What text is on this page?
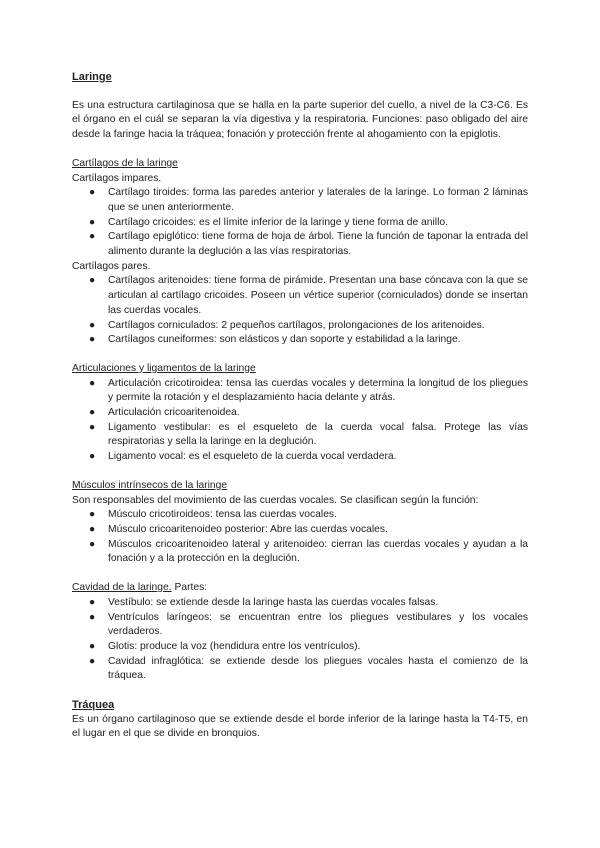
Laringe

Es una estructura cartilaginosa que se halla en la parte superior del cuello, a nivel de la C3-C6. Es el órgano en el cuál se separan la vía digestiva y la respiratoria. Funciones: paso obligado del aire desde la faringe hacia la tráquea; fonación y protección frente al ahogamiento con la epiglotis.

Cartílagos de la laringe

Cartílagos impares.

● Cartílago tiroides: forma las paredes anterior y laterales de la laringe. Lo forman 2 láminas que se unen anteriormente.
● Cartílago cricoides: es el límite inferior de la laringe y tiene forma de anillo.
● Cartílago epiglótico: tiene forma de hoja de árbol. Tiene la función de taponar la entrada del alimento durante la deglución a las vías respiratorias.

Cartílagos pares.

● Cartílagos aritenoides: tiene forma de pirámide. Presentan una base cóncava con la que se articulan al cartílago cricoides. Poseen un vértice superior (corniculados) donde se insertan las cuerdas vocales.
● Cartílagos corniculados: 2 pequeños cartílagos, prolongaciones de los aritenoides.
● Cartílagos cuneiformes: son elásticos y dan soporte y estabilidad a la laringe.

Articulaciones y ligamentos de la laringe

● Articulación cricotiroidea: tensa las cuerdas vocales y determina la longitud de los pliegues y permite la rotación y el desplazamiento hacia delante y atrás.
● Articulación cricoaritenoidea.
● Ligamento vestibular: es el esqueleto de la cuerda vocal falsa. Protege las vías respiratorias y sella la laringe en la deglución.
● Ligamento vocal: es el esqueleto de la cuerda vocal verdadera.

Músculos intrínsecos de la laringe

Son responsables del movimiento de las cuerdas vocales. Se clasifican según la función:

● Músculo cricotiroideos: tensa las cuerdas vocales.
● Músculo cricoaritenoideo posterior: Abre las cuerdas vocales.
● Músculos cricoaritenoideo lateral y aritenoideo: cierran las cuerdas vocales y ayudan a la fonación y a la protección en la deglución.

Cavidad de la laringe. Partes:

● Vestíbulo: se extiende desde la laringe hasta las cuerdas vocales falsas.
● Ventrículos laríngeos: se encuentran entre los pliegues vestibulares y los vocales verdaderos.
● Glotis: produce la voz (hendidura entre los ventrículos).
● Cavidad infraglótica: se extiende desde los pliegues vocales hasta el comienzo de la tráquea.

Tráquea

Es un órgano cartilaginoso que se extiende desde el borde inferior de la laringe hasta la T4-T5, en el lugar en el que se divide en bronquios.
